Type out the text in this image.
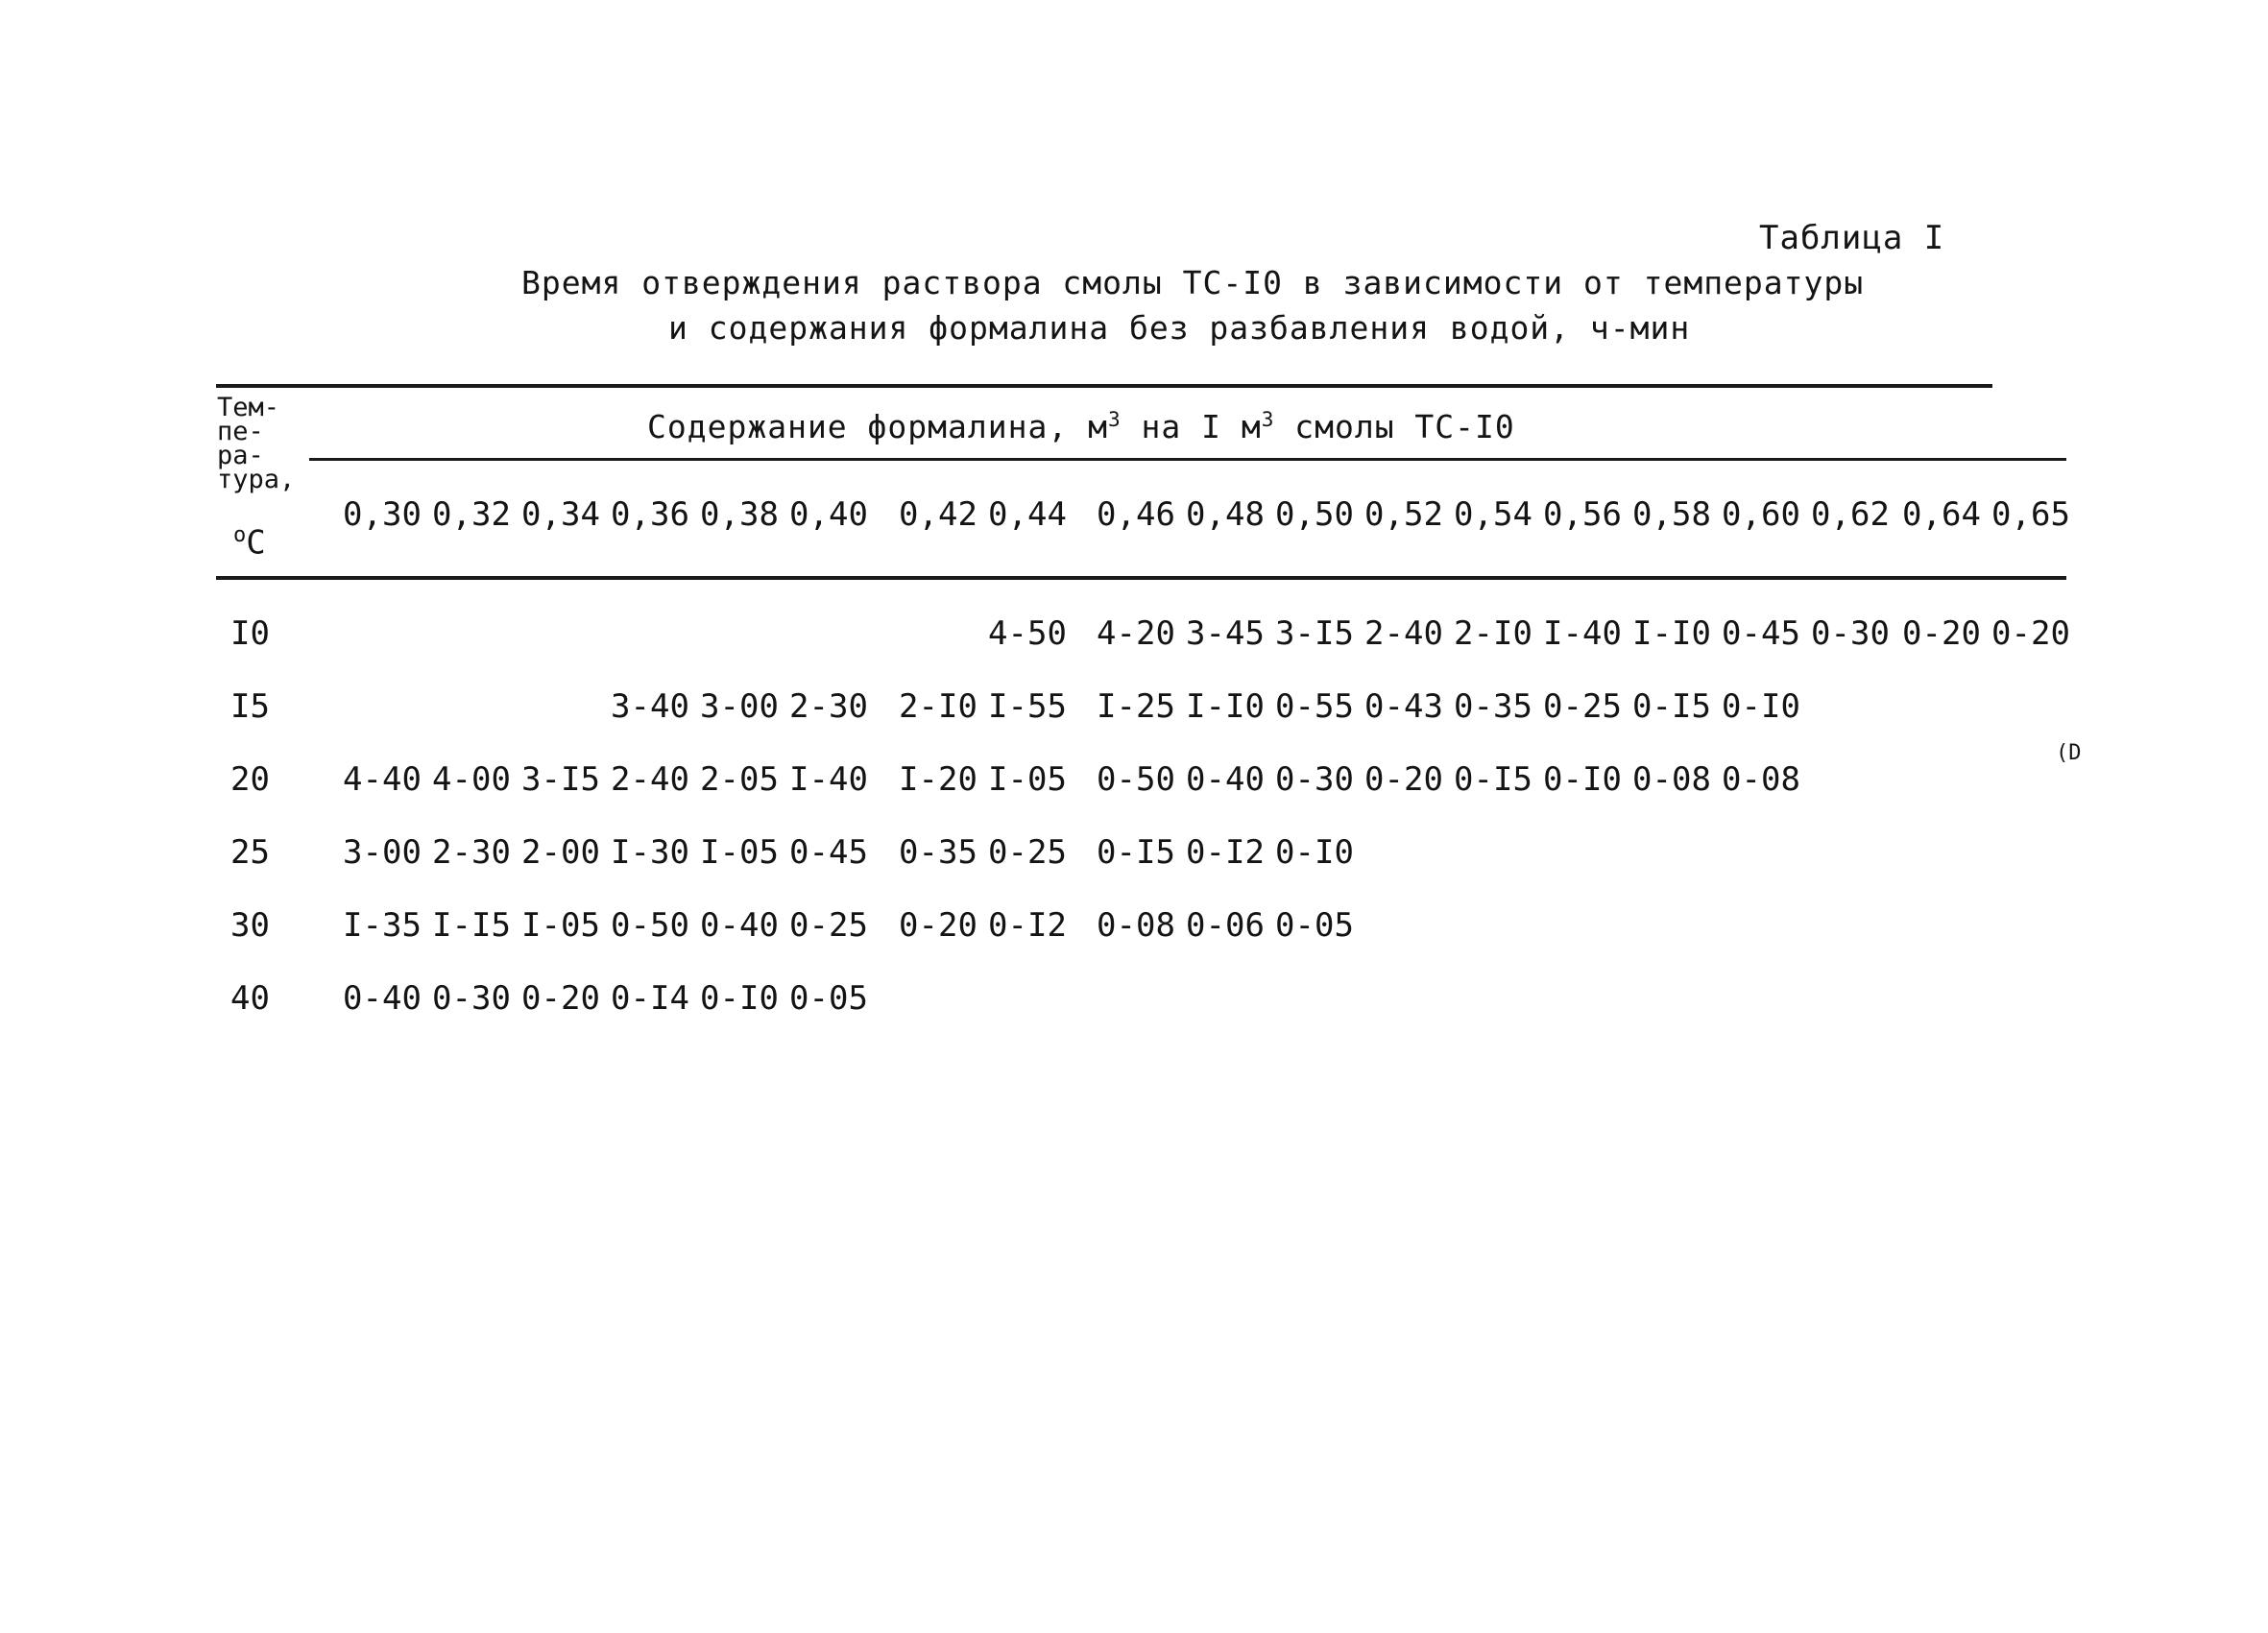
Таблица I
Время отверждения раствора смолы ТС-I0 в зависимости от температуры
и содержания формалина без разбавления водой, ч-мин
Тем-
пе-
ра-
тура,
$^о$С
Содержание формалина, $м^3$ на I $м^3$ смолы ТС-I0
0,30 0,32 0,34 0,36 0,38 0,40 0,42 0,44 0,46 0,48 0,50 0,52 0,54 0,56 0,58 0,60 0,62 0,64 0,65
I0	4-50 4-20 3-45 3-I5 2-40 2-I0 I-40 I-I0 0-45 0-30 0-20 0-20
I5	3-40 3-00 2-30 2-I0 I-55 I-25 I-I0 0-55 0-43 0-35 0-25 0-I5 0-I0
20 4-40 4-00 3-I5 2-40 2-05 I-40 I-20 I-05 0-50 0-40 0-30 0-20 0-I5 0-I0 0-08 0-08
25 3-00 2-30 2-00 I-30 I-05 0-45 0-35 0-25 0-I5 0-I2 0-I0
30 I-35 I-I5 I-05 0-50 0-40 0-25 0-20 0-I2 0-08 0-06 0-05
40 0-40 0-30 0-20 0-I4 0-I0 0-05
(D
